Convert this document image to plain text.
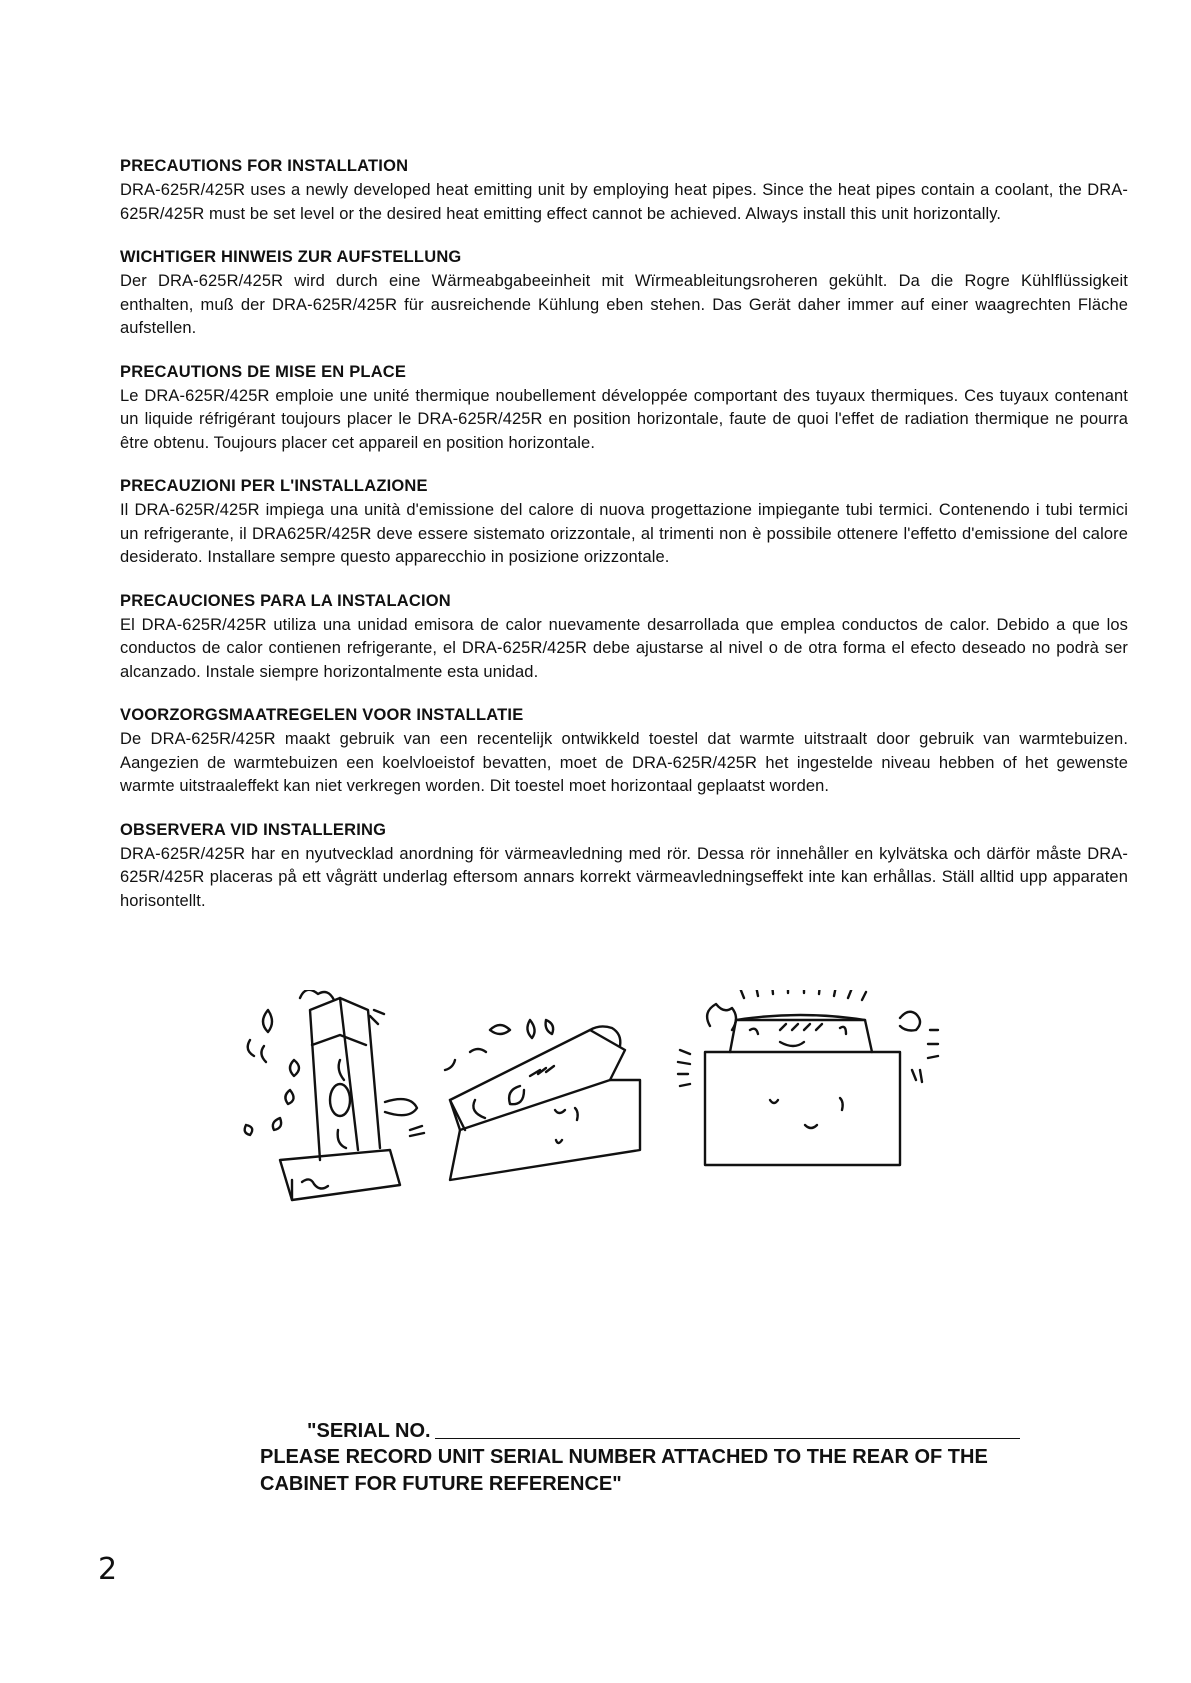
PRECAUTIONS FOR INSTALLATION

DRA-625R/425R uses a newly developed heat emitting unit by employing heat pipes. Since the heat pipes contain a coolant, the DRA-625R/425R must be set level or the desired heat emitting effect cannot be achieved. Always install this unit horizontally.

WICHTIGER HINWEIS ZUR AUFSTELLUNG

Der DRA-625R/425R wird durch eine Wärmeabgabeeinheit mit Wïrmeableitungsroheren gekühlt. Da die Rogre Kühlflüssigkeit enthalten, muß der DRA-625R/425R für ausreichende Kühlung eben stehen. Das Gerät daher immer auf einer waagrechten Fläche aufstellen.

PRECAUTIONS DE MISE EN PLACE

Le DRA-625R/425R emploie une unité thermique noubellement développée comportant des tuyaux thermiques. Ces tuyaux contenant un liquide réfrigérant toujours placer le DRA-625R/425R en position horizontale, faute de quoi l'effet de radiation thermique ne pourra être obtenu. Toujours placer cet appareil en position horizontale.

PRECAUZIONI PER L'INSTALLAZIONE

Il DRA-625R/425R impiega una unità d'emissione del calore di nuova progettazione impiegante tubi termici. Contenendo i tubi termici un refrigerante, il DRA625R/425R deve essere sistemato orizzontale, al trimenti non è possibile ottenere l'effetto d'emissione del calore desiderato. Installare sempre questo apparecchio in posizione orizzontale.

PRECAUCIONES PARA LA INSTALACION

El DRA-625R/425R utiliza una unidad emisora de calor nuevamente desarrollada que emplea conductos de calor. Debido a que los conductos de calor contienen refrigerante, el DRA-625R/425R debe ajustarse al nivel o de otra forma el efecto deseado no podrà ser alcanzado. Instale siempre horizontalmente esta unidad.

VOORZORGSMAATREGELEN VOOR INSTALLATIE

De DRA-625R/425R maakt gebruik van een recentelijk ontwikkeld toestel dat warmte uitstraalt door gebruik van warmtebuizen. Aangezien de warmtebuizen een koelvloeistof bevatten, moet de DRA-625R/425R het ingestelde niveau hebben of het gewenste warmte uitstraaleffekt kan niet verkregen worden. Dit toestel moet horizontaal geplaatst worden.

OBSERVERA VID INSTALLERING

DRA-625R/425R har en nyutvecklad anordning för värmeavledning med rör. Dessa rör innehåller en kylvätska och därför måste DRA-625R/425R placeras på ett vågrätt underlag eftersom annars korrekt värmeavledningseffekt inte kan erhållas. Ställ alltid upp apparaten horisontellt.

"SERIAL NO.

PLEASE RECORD UNIT SERIAL NUMBER ATTACHED TO THE REAR OF THE

CABINET FOR FUTURE REFERENCE"

2
